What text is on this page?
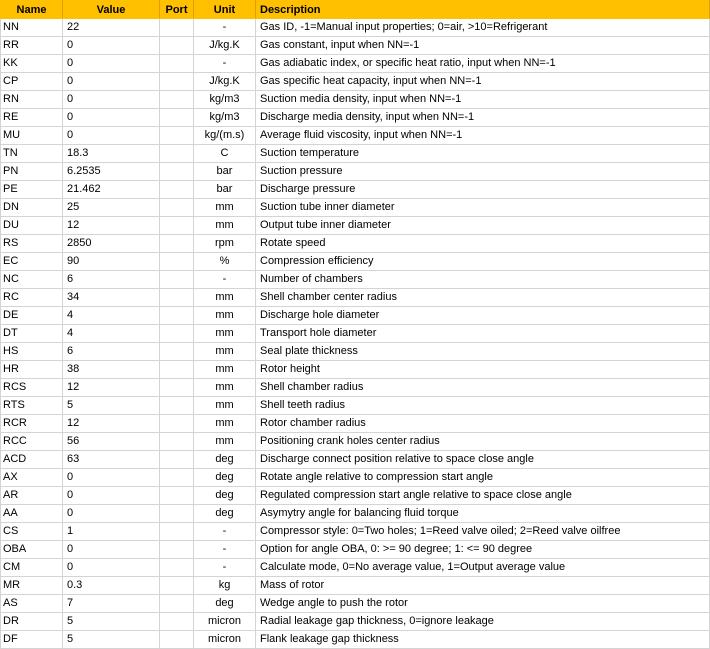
Name	Value	Port	Unit	Description
NN	22		-	Gas ID, -1=Manual input properties; 0=air, >10=Refrigerant
RR	0		J/kg.K	Gas constant, input when NN=-1
KK	0		-	Gas adiabatic index, or specific heat ratio, input when NN=-1
CP	0		J/kg.K	Gas specific heat capacity, input when NN=-1
RN	0		kg/m3	Suction media density, input when NN=-1
RE	0		kg/m3	Discharge media density, input when NN=-1
MU	0		kg/(m.s)	Average fluid viscosity, input when NN=-1
TN	18.3		C	Suction temperature
PN	6.2535		bar	Suction pressure
PE	21.462		bar	Discharge pressure
DN	25		mm	Suction tube inner diameter
DU	12		mm	Output tube inner diameter
RS	2850		rpm	Rotate speed
EC	90		%	Compression efficiency
NC	6		-	Number of chambers
RC	34		mm	Shell chamber center radius
DE	4		mm	Discharge hole diameter
DT	4		mm	Transport hole diameter
HS	6		mm	Seal plate thickness
HR	38		mm	Rotor height
RCS	12		mm	Shell chamber radius
RTS	5		mm	Shell teeth radius
RCR	12		mm	Rotor chamber radius
RCC	56		mm	Positioning crank holes center radius
ACD	63		deg	Discharge connect position relative to space close angle
AX	0		deg	Rotate angle relative to compression start angle
AR	0		deg	Regulated compression start angle relative to space close angle
AA	0		deg	Asymytry angle for balancing fluid torque
CS	1		-	Compressor style: 0=Two holes; 1=Reed valve oiled; 2=Reed valve oilfree
OBA	0		-	Option for angle OBA, 0: >= 90 degree; 1: <= 90 degree
CM	0		-	Calculate mode, 0=No average value, 1=Output average value
MR	0.3		kg	Mass of rotor
AS	7		deg	Wedge angle to push the rotor
DR	5		micron	Radial leakage gap thickness, 0=ignore leakage
DF	5		micron	Flank leakage gap thickness
